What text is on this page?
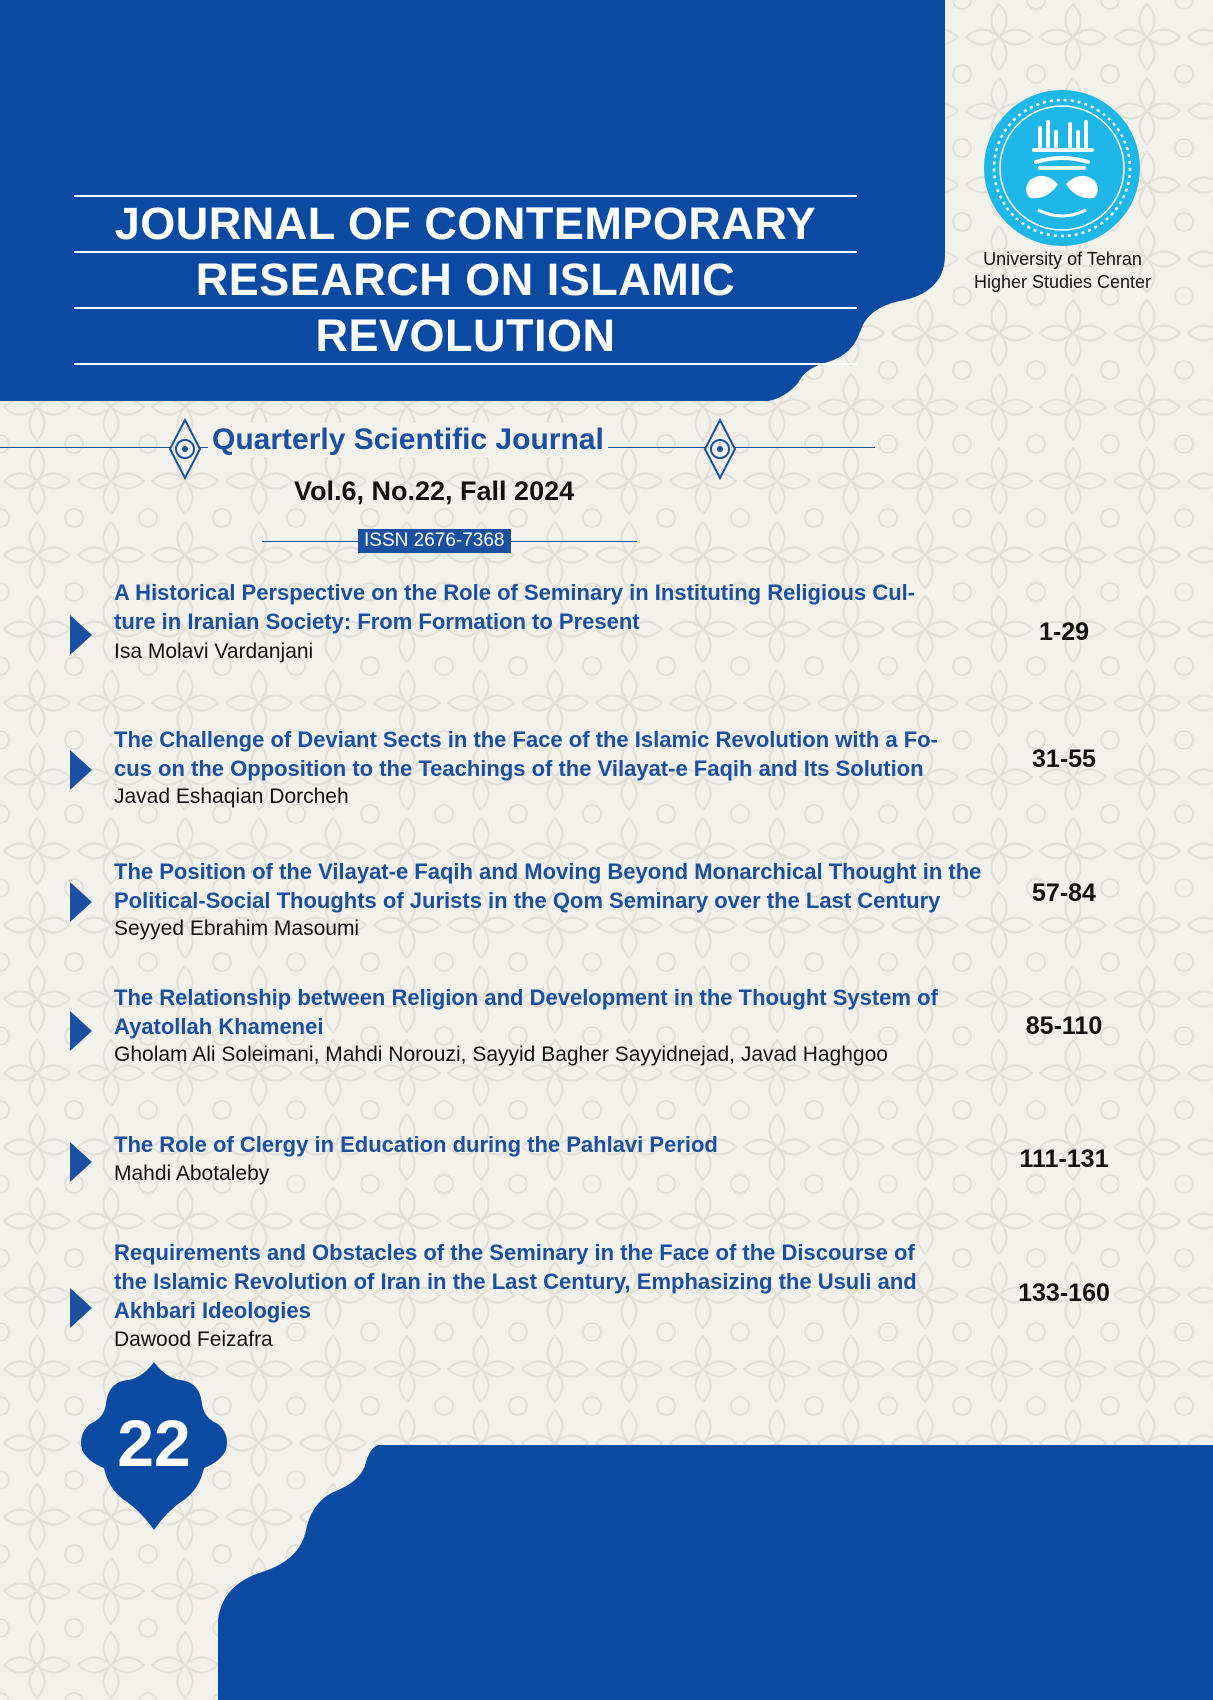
JOURNAL OF CONTEMPORARY
RESEARCH ON ISLAMIC
REVOLUTION
University of Tehran
Higher Studies Center
Quarterly Scientific Journal
Vol.6, No.22, Fall 2024
ISSN 2676-7368
A Historical Perspective on the Role of Seminary in Instituting Religious Cul-
ture in Iranian Society: From Formation to Present
Isa Molavi Vardanjani
1-29
The Challenge of Deviant Sects in the Face of the Islamic Revolution with a Fo-
cus on the Opposition to the Teachings of the Vilayat-e Faqih and Its Solution
Javad Eshaqian Dorcheh
31-55
The Position of the Vilayat-e Faqih and Moving Beyond Monarchical Thought in the
Political-Social Thoughts of Jurists in the Qom Seminary over the Last Century
Seyyed Ebrahim Masoumi
57-84
The Relationship between Religion and Development in the Thought System of
Ayatollah Khamenei
Gholam Ali Soleimani, Mahdi Norouzi, Sayyid Bagher Sayyidnejad, Javad Haghgoo
85-110
The Role of Clergy in Education during the Pahlavi Period
Mahdi Abotaleby
111-131
Requirements and Obstacles of the Seminary in the Face of the Discourse of
the Islamic Revolution of Iran in the Last Century, Emphasizing the Usuli and
Akhbari Ideologies
Dawood Feizafra
133-160
22
